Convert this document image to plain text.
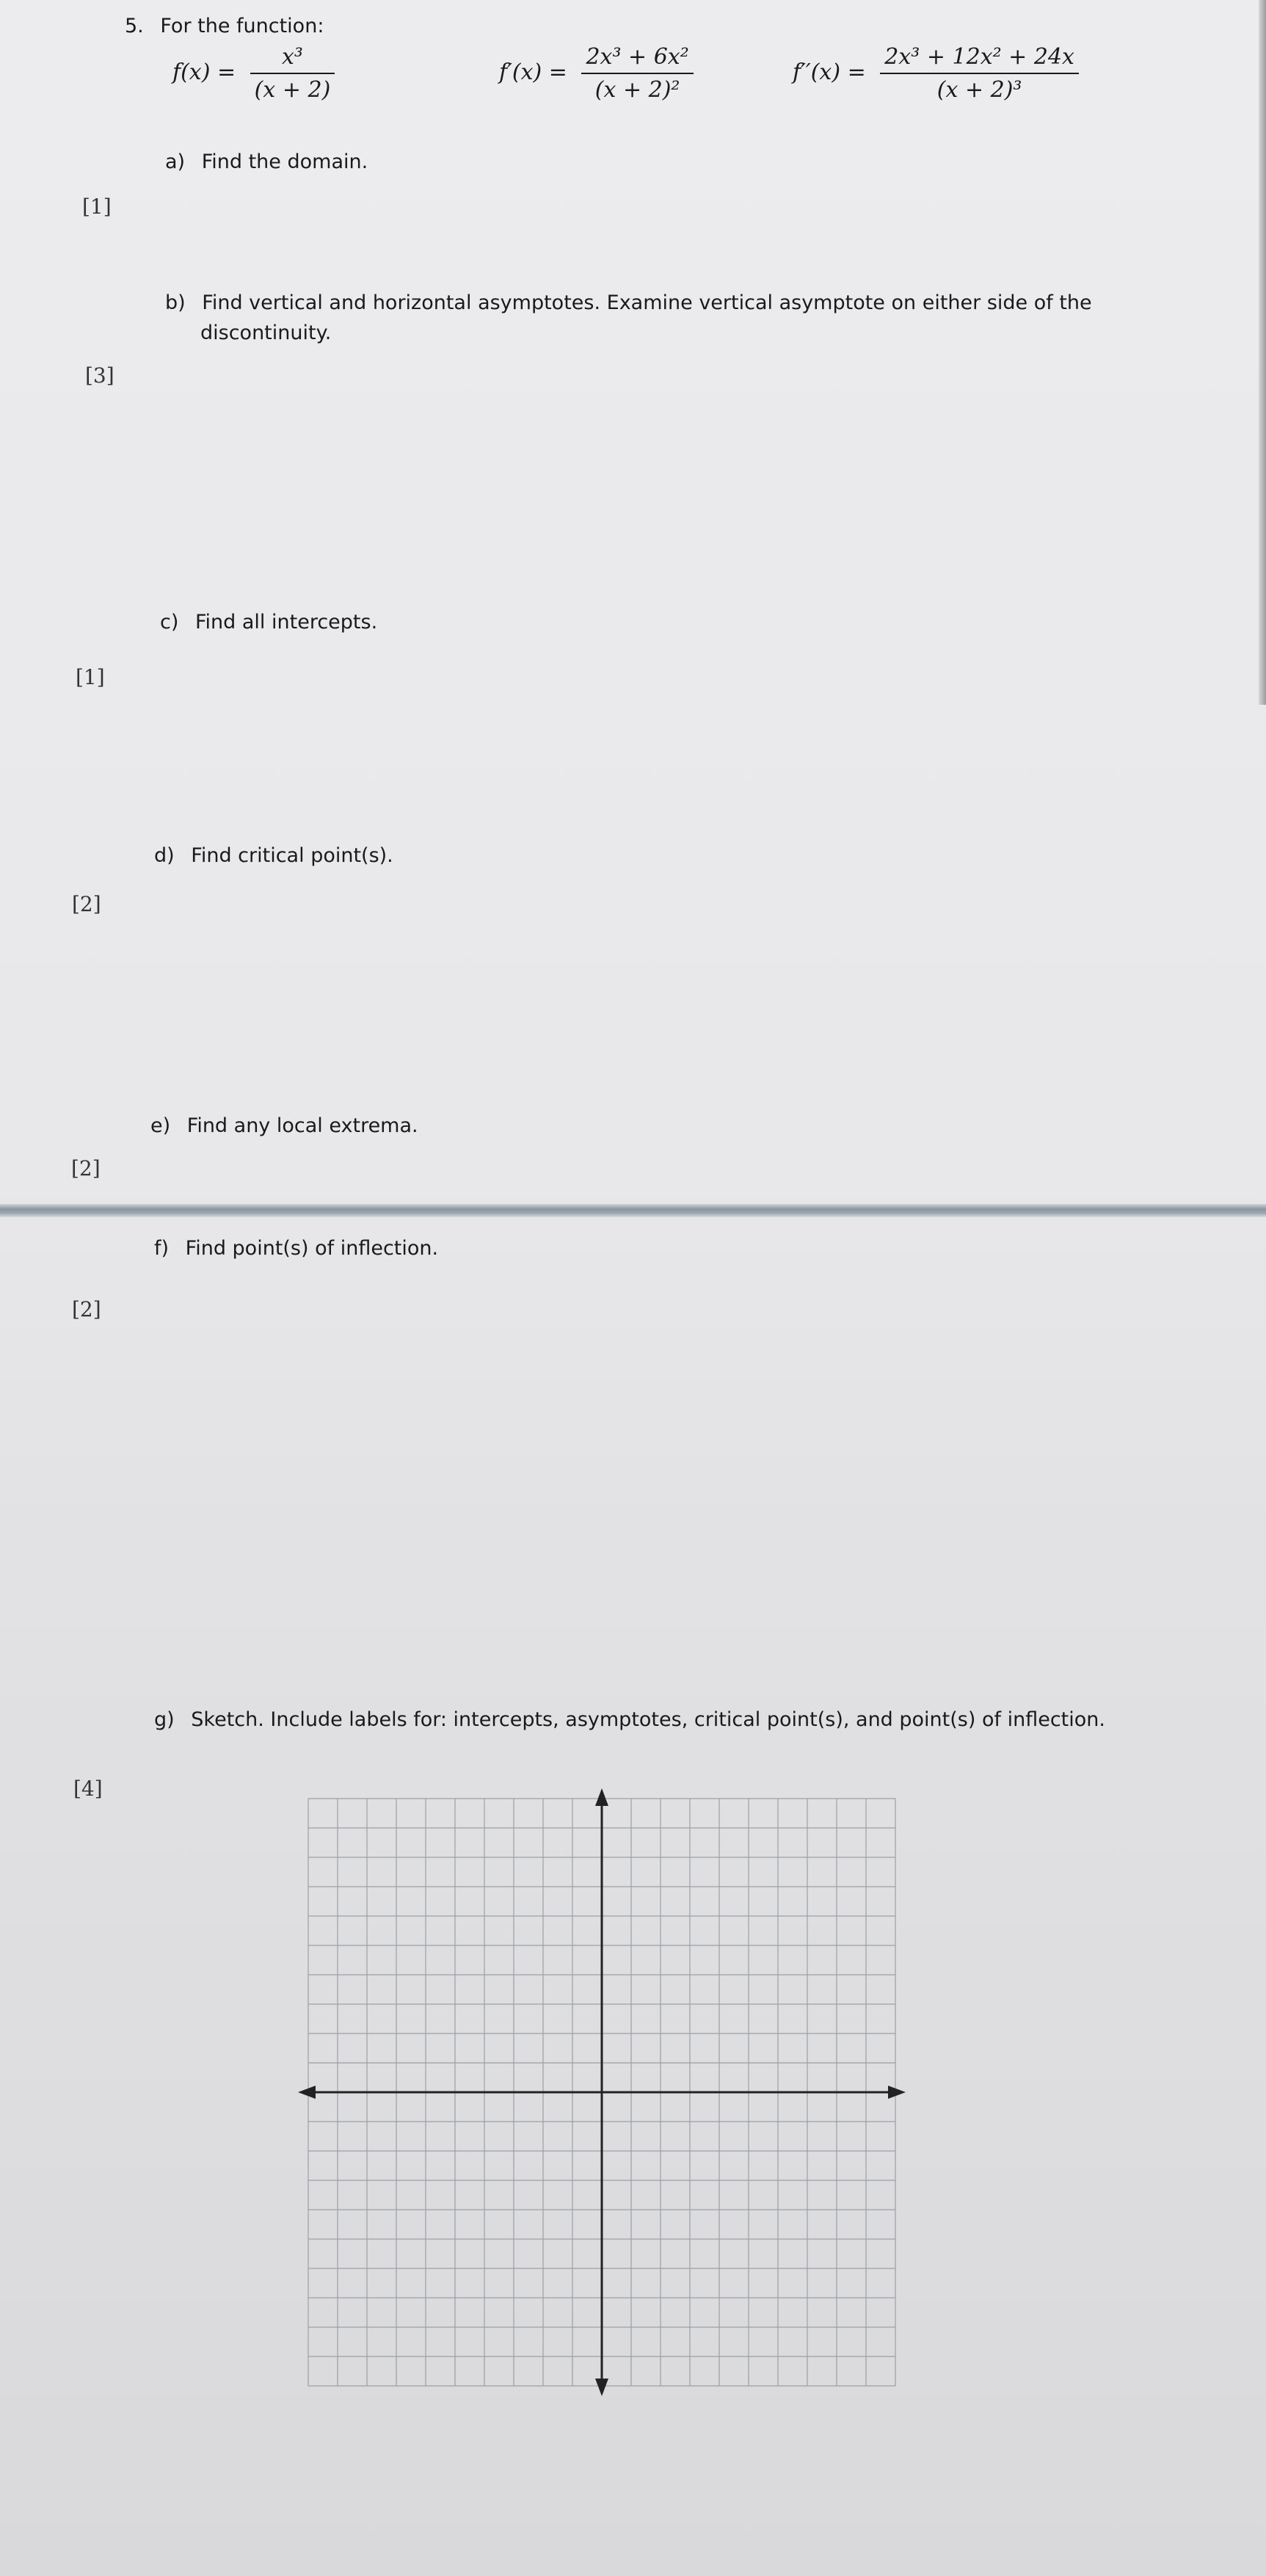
5. For the function:
$f(x) = \frac{\text{x³}}{(x + 2)}$	$f'(x) = \frac{\text{2x³ + 6x²}}{\text{(x + 2)²}}$	$f''(x) = \frac{\text{2x³ + 12x² + 24x}}{\text{(x + 2)³}}$
a) Find the domain.
[1]
b) Find vertical and horizontal asymptotes. Examine vertical asymptote on either side of the
discontinuity.
[3]
c) Find all intercepts.
[1]
d) Find critical point(s).
[2]
e) Find any local extrema.
[2]
f) Find point(s) of inflection.
[2]
g) Sketch. Include labels for: intercepts, asymptotes, critical point(s), and point(s) of inflection.
[4]
